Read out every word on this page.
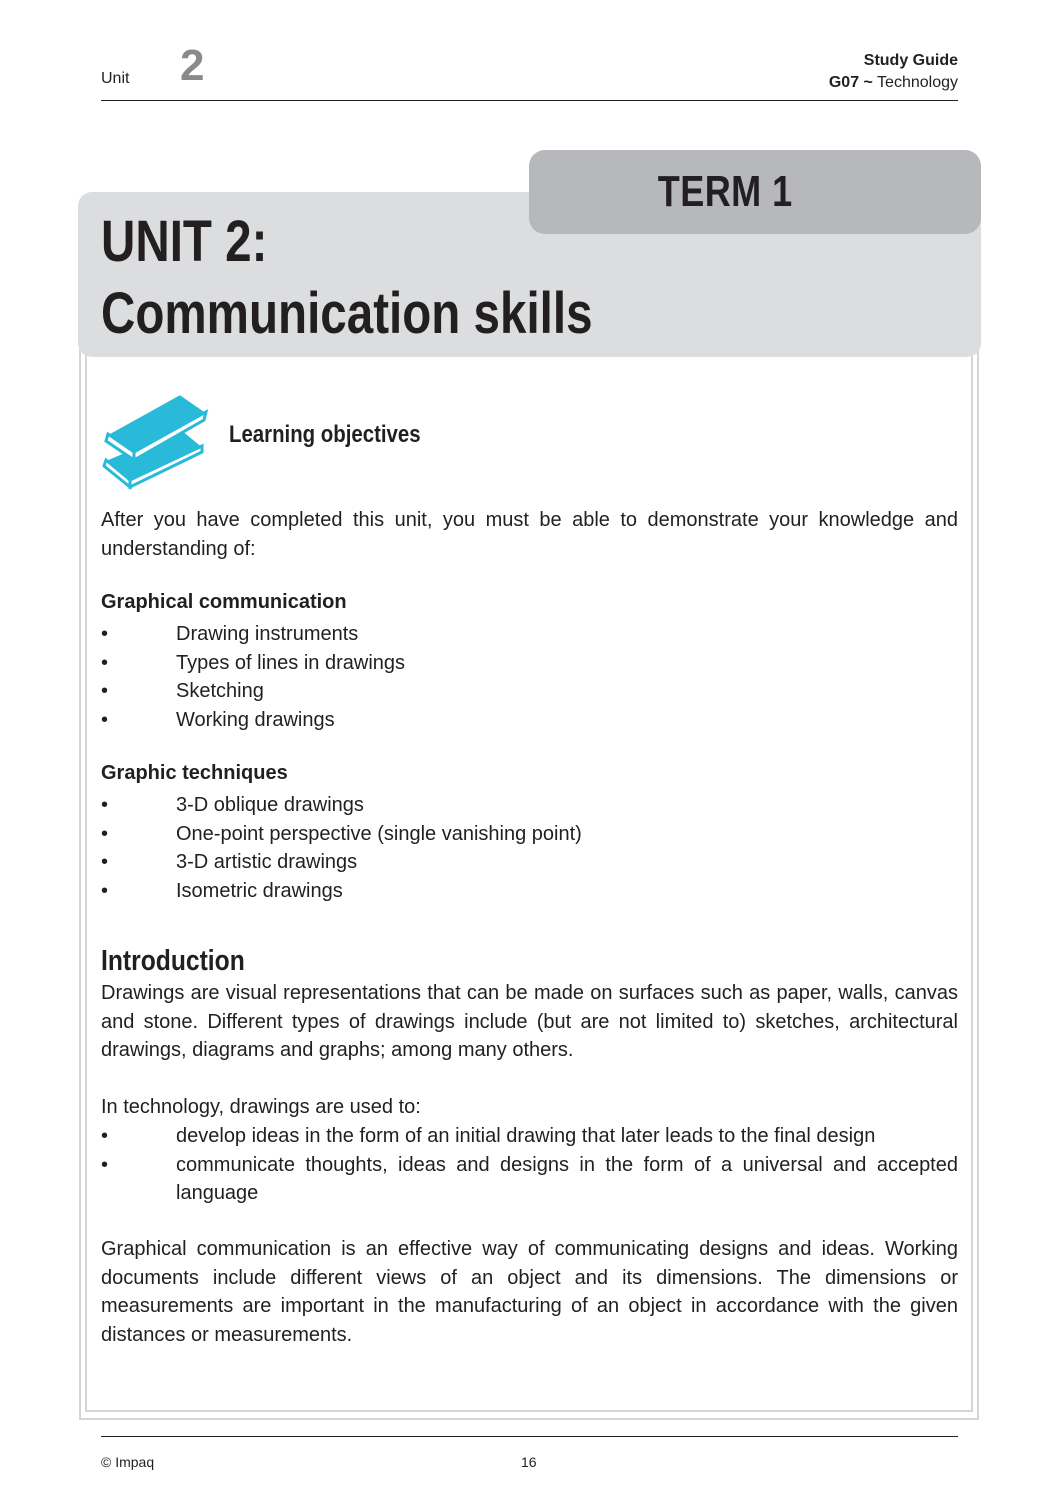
Unit 2	Study Guide
G07 ~ Technology
TERM 1
UNIT 2:
Communication skills
Learning objectives
After you have completed this unit, you must be able to demonstrate your knowledge and understanding of:
Graphical communication
•	Drawing instruments
•	Types of lines in drawings
•	Sketching
•	Working drawings
Graphic techniques
•	3-D oblique drawings
•	One-point perspective (single vanishing point)
•	3-D artistic drawings
•	Isometric drawings
Introduction
Drawings are visual representations that can be made on surfaces such as paper, walls, canvas and stone. Different types of drawings include (but are not limited to) sketches, architectural drawings, diagrams and graphs; among many others.
In technology, drawings are used to:
•	develop ideas in the form of an initial drawing that later leads to the final design
•	communicate thoughts, ideas and designs in the form of a universal and accepted language
Graphical communication is an effective way of communicating designs and ideas. Working documents include different views of an object and its dimensions. The dimensions or measurements are important in the manufacturing of an object in accordance with the given distances or measurements.
© Impaq	16
